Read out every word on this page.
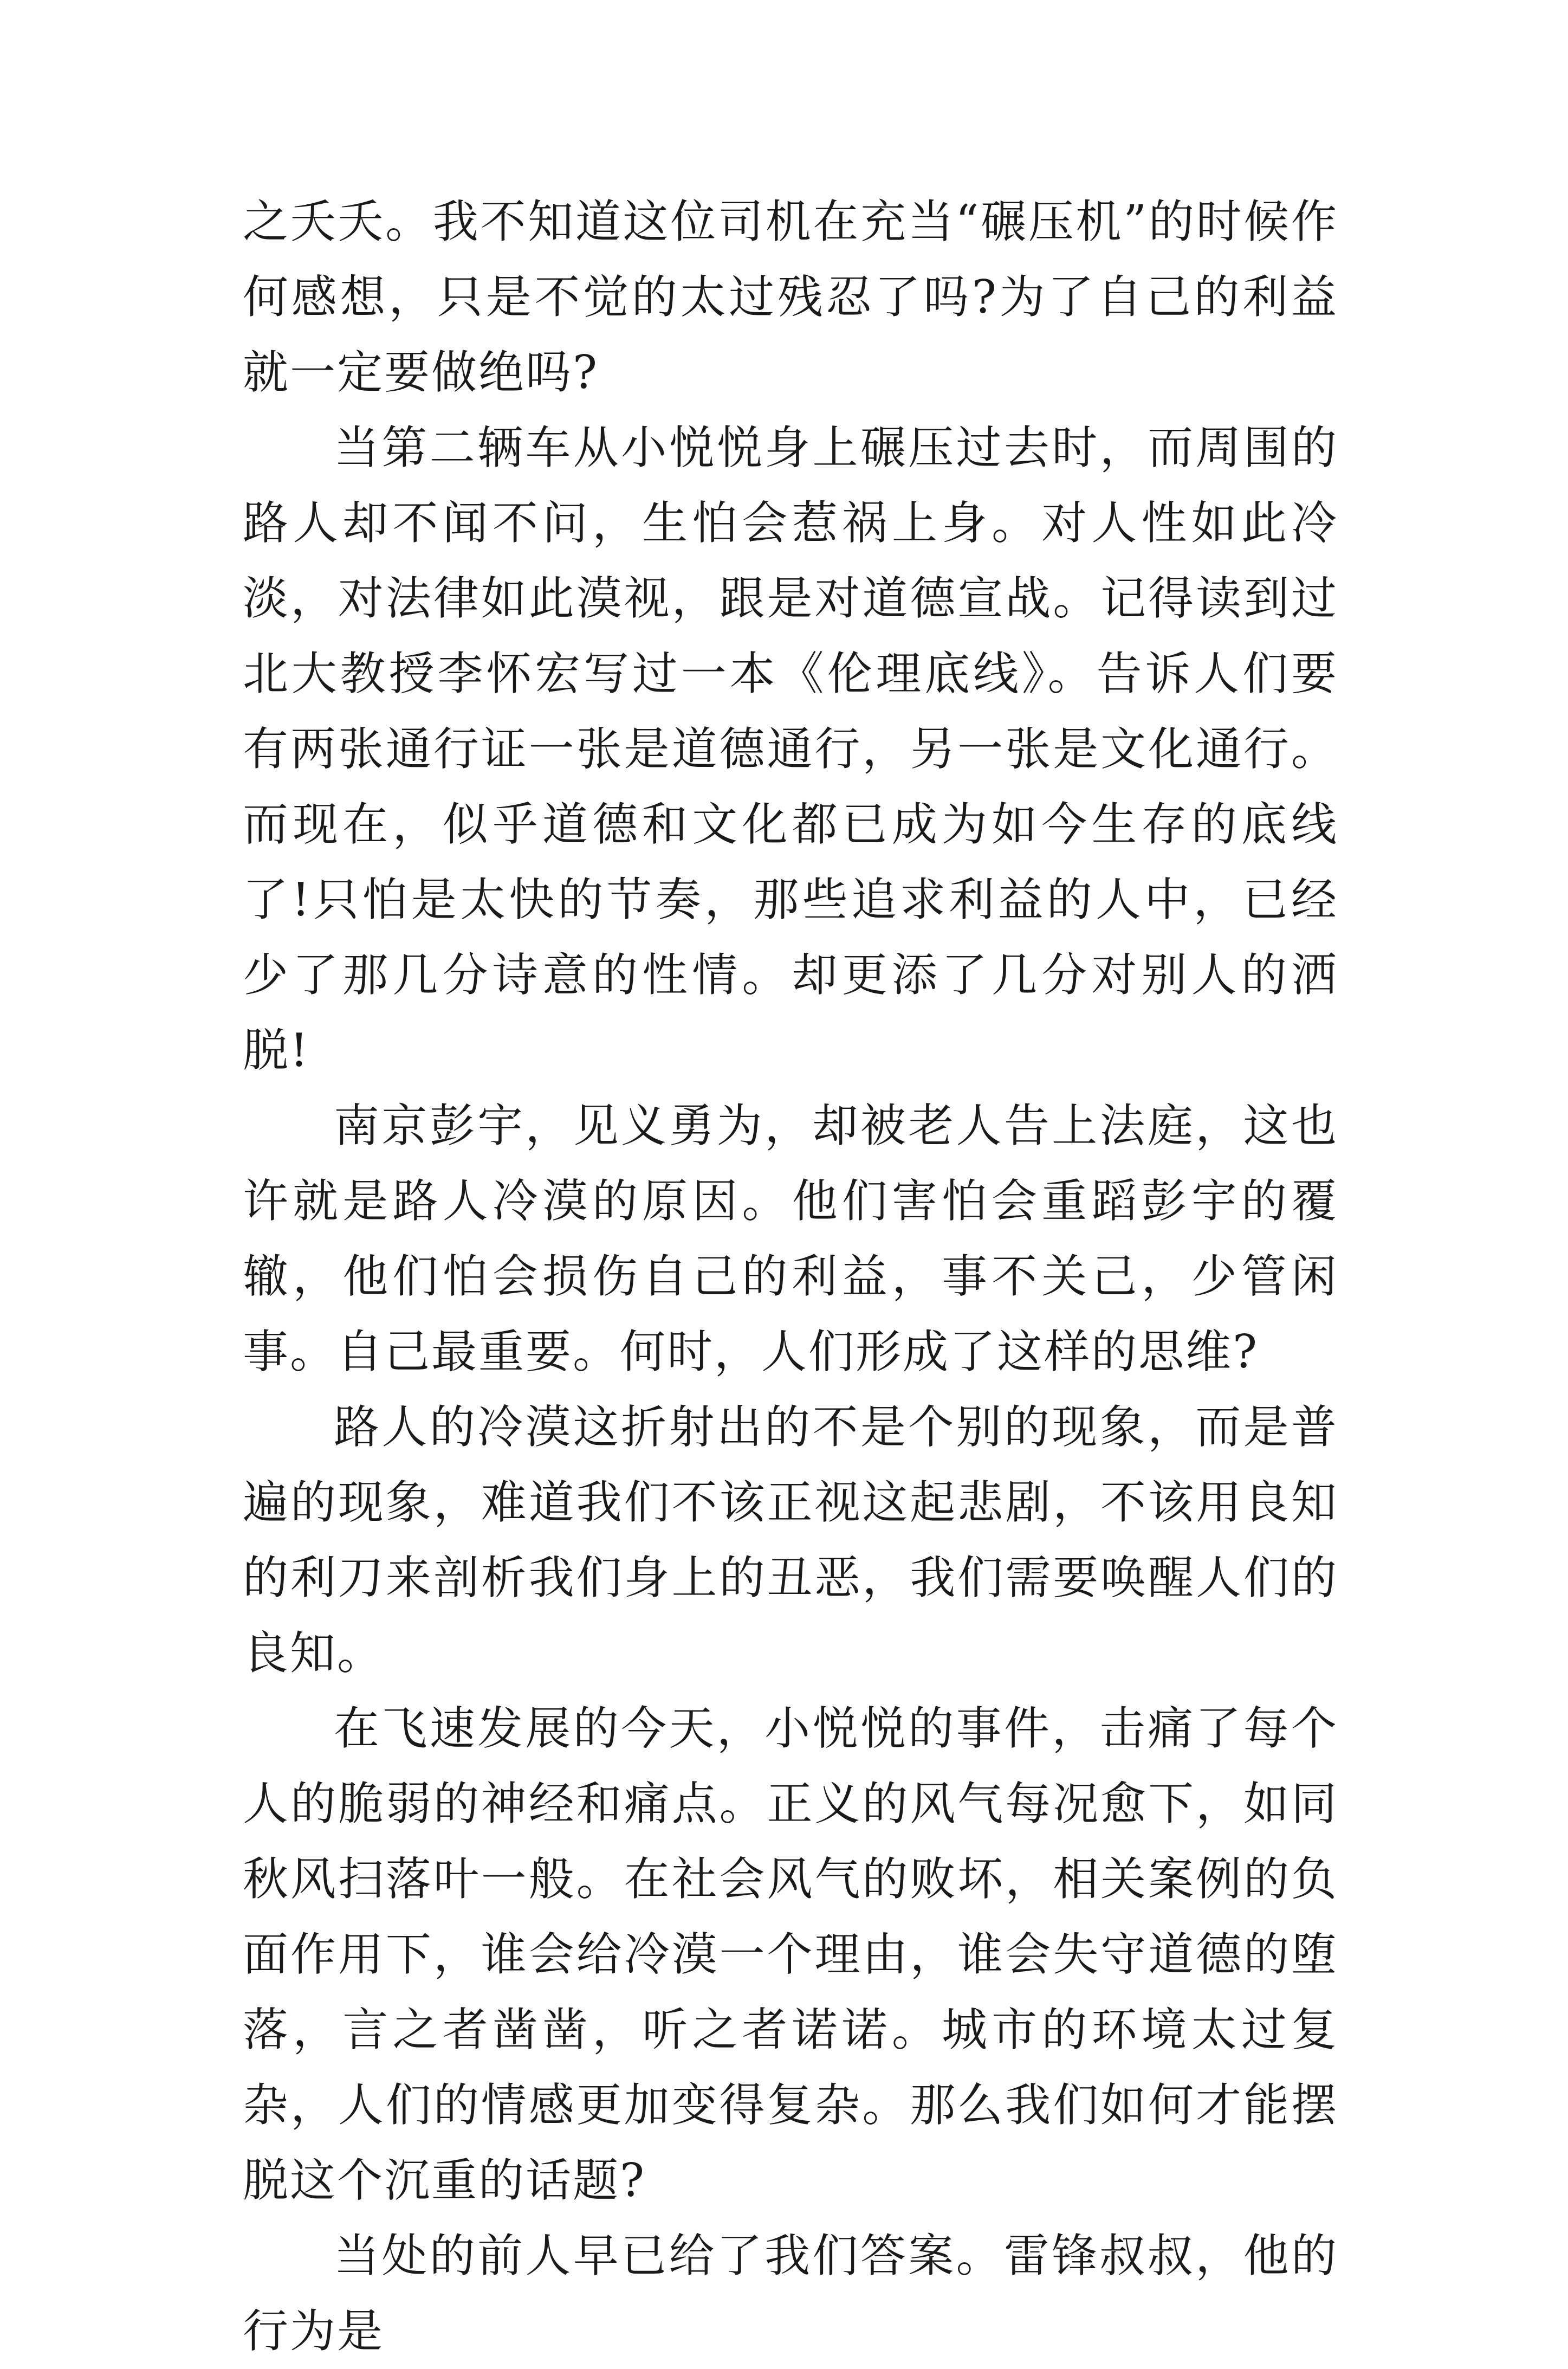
之夭夭。我不知道这位司机在充当“碾压机”的时候作何感想，只是不觉的太过残忍了吗?为了自己的利益就一定要做绝吗?

当第二辆车从小悦悦身上碾压过去时，而周围的路人却不闻不问，生怕会惹祸上身。对人性如此冷淡，对法律如此漠视，跟是对道德宣战。记得读到过北大教授李怀宏写过一本《伦理底线》。告诉人们要有两张通行证一张是道德通行，另一张是文化通行。而现在，似乎道德和文化都已成为如今生存的底线了!只怕是太快的节奏，那些追求利益的人中，已经少了那几分诗意的性情。却更添了几分对别人的洒脱!

南京彭宇，见义勇为，却被老人告上法庭，这也许就是路人冷漠的原因。他们害怕会重蹈彭宇的覆辙，他们怕会损伤自己的利益，事不关己，少管闲事。自己最重要。何时，人们形成了这样的思维?

路人的冷漠这折射出的不是个别的现象，而是普遍的现象，难道我们不该正视这起悲剧，不该用良知的利刀来剖析我们身上的丑恶，我们需要唤醒人们的良知。

在飞速发展的今天，小悦悦的事件，击痛了每个人的脆弱的神经和痛点。正义的风气每况愈下，如同秋风扫落叶一般。在社会风气的败坏，相关案例的负面作用下，谁会给冷漠一个理由，谁会失守道德的堕落，言之者凿凿，听之者诺诺。城市的环境太过复杂，人们的情感更加变得复杂。那么我们如何才能摆脱这个沉重的话题?

当处的前人早已给了我们答案。雷锋叔叔，他的行为是
